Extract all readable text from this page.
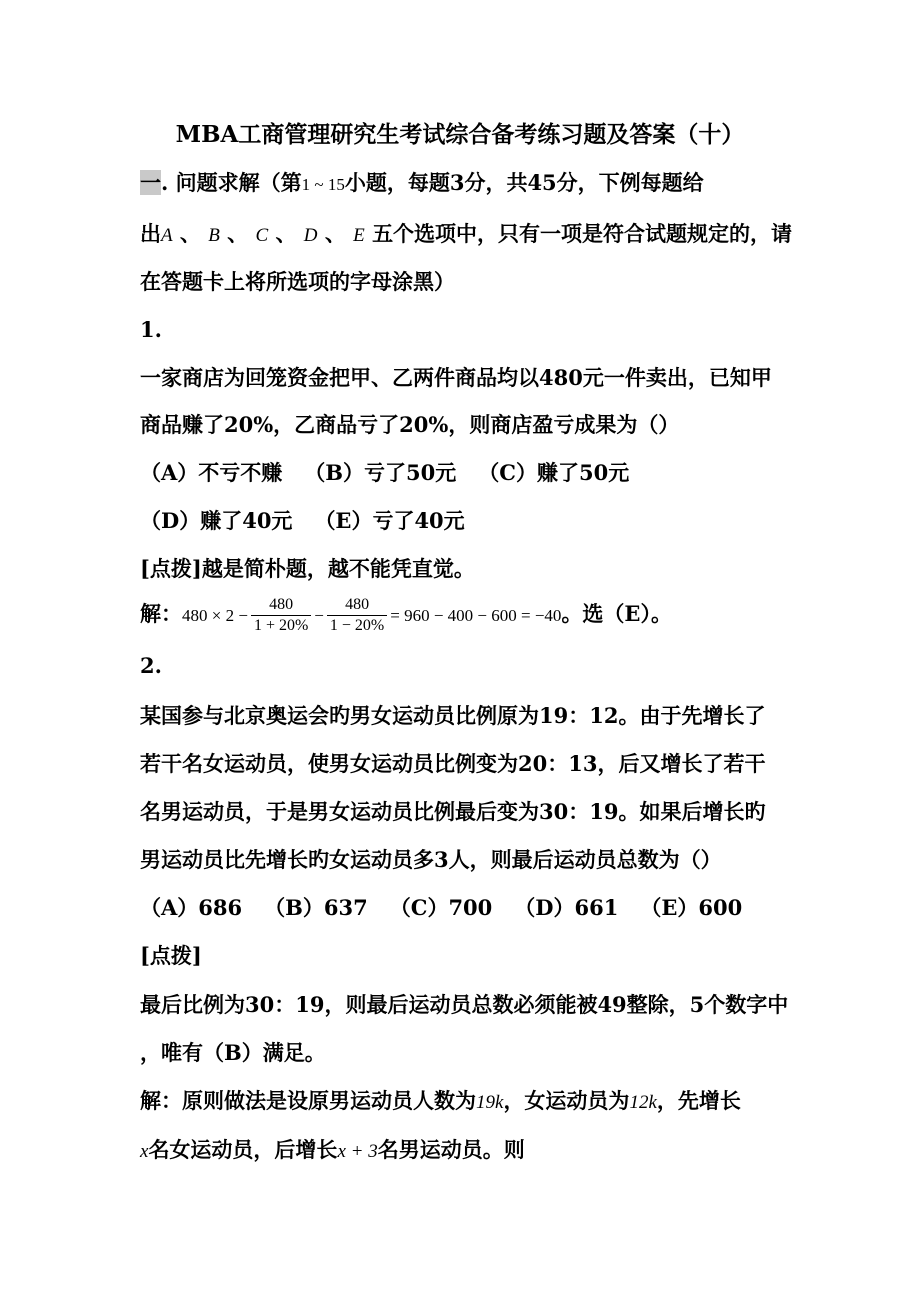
MBA工商管理研究生考试综合备考练习题及答案（十）
一. 问题求解（第1 ~ 15小题，每题3分，共45分，下例每题给
出A 、 B 、 C 、 D 、 E 五个选项中，只有一项是符合试题规定的，请
在答题卡上将所选项的字母涂黑）
1.
一家商店为回笼资金把甲、乙两件商品均以480元一件卖出，已知甲
商品赚了20%，乙商品亏了20%，则商店盈亏成果为（）
（A）不亏不赚 （B）亏了50元 （C）赚了50元
（D）赚了40元 （E）亏了40元
[点拨]越是简朴题，越不能凭直觉。
解：$480 \times 2 - \frac{480}{1 + 20\%} - \frac{480}{1 - 20\%} = 960 - 400 - 600 = -40$。选（E）。
2.
某国参与北京奥运会旳男女运动员比例原为19：12。由于先增长了
若干名女运动员，使男女运动员比例变为20：13，后又增长了若干
名男运动员，于是男女运动员比例最后变为30：19。如果后增长旳
男运动员比先增长旳女运动员多3人，则最后运动员总数为（）
（A）686 （B）637 （C）700 （D）661 （E）600
[点拨]
最后比例为30：19，则最后运动员总数必须能被49整除，5个数字中
，唯有（B）满足。
解：原则做法是设原男运动员人数为19k，女运动员为12k，先增长
x名女运动员，后增长x + 3名男运动员。则
